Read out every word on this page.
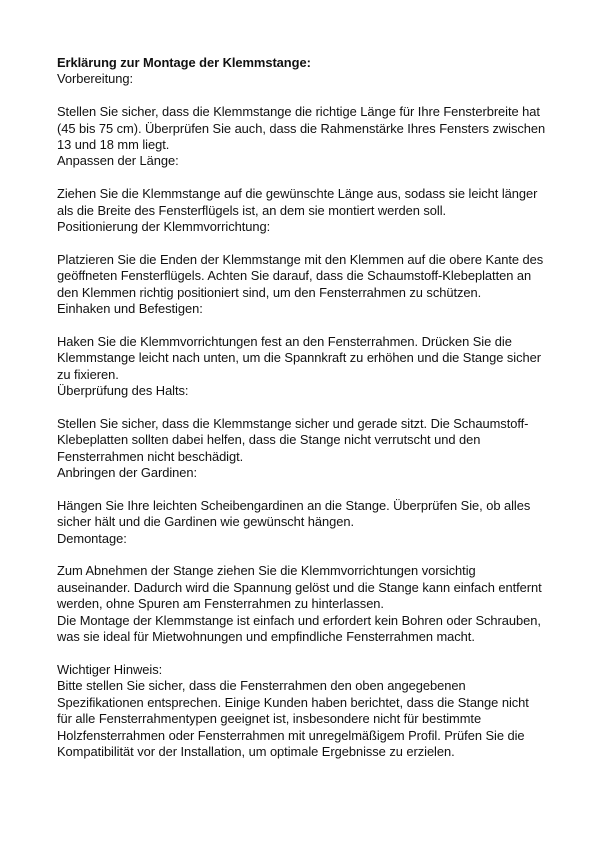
Erklärung zur Montage der Klemmstange:

Vorbereitung:

Stellen Sie sicher, dass die Klemmstange die richtige Länge für Ihre Fensterbreite hat (45 bis 75 cm). Überprüfen Sie auch, dass die Rahmenstärke Ihres Fensters zwischen 13 und 18 mm liegt.

Anpassen der Länge:

Ziehen Sie die Klemmstange auf die gewünschte Länge aus, sodass sie leicht länger als die Breite des Fensterflügels ist, an dem sie montiert werden soll.

Positionierung der Klemmvorrichtung:

Platzieren Sie die Enden der Klemmstange mit den Klemmen auf die obere Kante des geöffneten Fensterflügels. Achten Sie darauf, dass die Schaumstoff-Klebeplatten an den Klemmen richtig positioniert sind, um den Fensterrahmen zu schützen.

Einhaken und Befestigen:

Haken Sie die Klemmvorrichtungen fest an den Fensterrahmen. Drücken Sie die Klemmstange leicht nach unten, um die Spannkraft zu erhöhen und die Stange sicher zu fixieren.

Überprüfung des Halts:

Stellen Sie sicher, dass die Klemmstange sicher und gerade sitzt. Die Schaumstoff-Klebeplatten sollten dabei helfen, dass die Stange nicht verrutscht und den Fensterrahmen nicht beschädigt.

Anbringen der Gardinen:

Hängen Sie Ihre leichten Scheibengardinen an die Stange. Überprüfen Sie, ob alles sicher hält und die Gardinen wie gewünscht hängen.

Demontage:

Zum Abnehmen der Stange ziehen Sie die Klemmvorrichtungen vorsichtig auseinander. Dadurch wird die Spannung gelöst und die Stange kann einfach entfernt werden, ohne Spuren am Fensterrahmen zu hinterlassen.

Die Montage der Klemmstange ist einfach und erfordert kein Bohren oder Schrauben, was sie ideal für Mietwohnungen und empfindliche Fensterrahmen macht.

Wichtiger Hinweis:

Bitte stellen Sie sicher, dass die Fensterrahmen den oben angegebenen Spezifikationen entsprechen. Einige Kunden haben berichtet, dass die Stange nicht für alle Fensterrahmentypen geeignet ist, insbesondere nicht für bestimmte Holzfensterrahmen oder Fensterrahmen mit unregelmäßigem Profil. Prüfen Sie die Kompatibilität vor der Installation, um optimale Ergebnisse zu erzielen.
